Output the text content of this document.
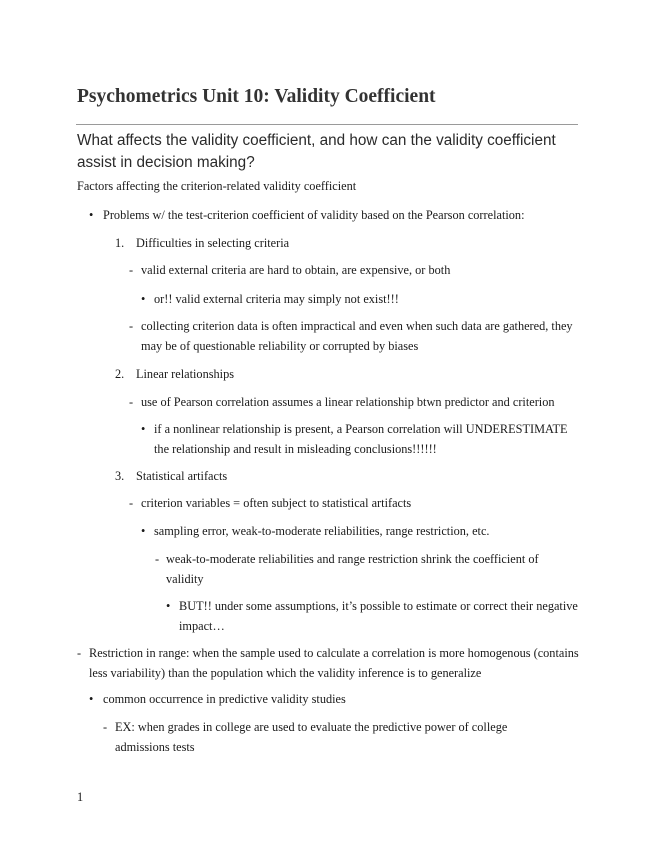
Psychometrics Unit 10: Validity Coefficient
What affects the validity coefficient, and how can the validity coefficient assist in decision making?
Factors affecting the criterion-related validity coefficient
• Problems w/ the test-criterion coefficient of validity based on the Pearson correlation:
1. Difficulties in selecting criteria
- valid external criteria are hard to obtain, are expensive, or both
• or!! valid external criteria may simply not exist!!!
- collecting criterion data is often impractical and even when such data are gathered, they may be of questionable reliability or corrupted by biases
2. Linear relationships
- use of Pearson correlation assumes a linear relationship btwn predictor and criterion
• if a nonlinear relationship is present, a Pearson correlation will UNDERESTIMATE the relationship and result in misleading conclusions!!!!!!
3. Statistical artifacts
- criterion variables = often subject to statistical artifacts
• sampling error, weak-to-moderate reliabilities, range restriction, etc.
- weak-to-moderate reliabilities and range restriction shrink the coefficient of validity
• BUT!! under some assumptions, it’s possible to estimate or correct their negative impact…
- Restriction in range: when the sample used to calculate a correlation is more homogenous (contains less variability) than the population which the validity inference is to generalize
• common occurrence in predictive validity studies
- EX: when grades in college are used to evaluate the predictive power of college admissions tests
1
